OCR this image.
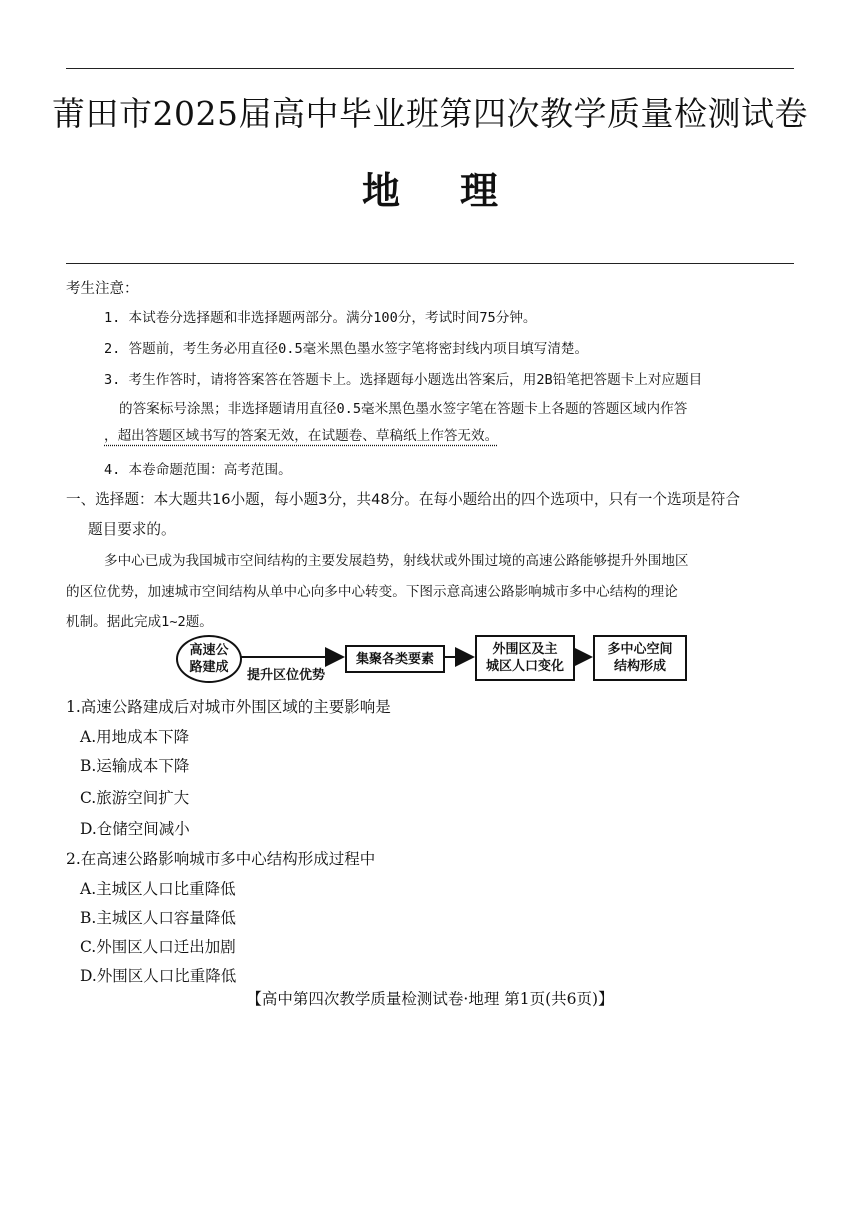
莆田市2025届高中毕业班第四次教学质量检测试卷
地 理
考生注意：
1. 本试卷分选择题和非选择题两部分。满分100分，考试时间75分钟。
2. 答题前，考生务必用直径0.5毫米黑色墨水签字笔将密封线内项目填写清楚。
3. 考生作答时，请将答案答在答题卡上。选择题每小题选出答案后，用2B铅笔把答题卡上对应题目
的答案标号涂黑；非选择题请用直径0.5毫米黑色墨水签字笔在答题卡上各题的答题区域内作答
，超出答题区域书写的答案无效，在试题卷、草稿纸上作答无效。
4. 本卷命题范围：高考范围。
一、选择题：本大题共16小题，每小题3分，共48分。在每小题给出的四个选项中，只有一个选项是符合
题目要求的。
多中心已成为我国城市空间结构的主要发展趋势，射线状或外围过境的高速公路能够提升外围地区
的区位优势，加速城市空间结构从单中心向多中心转变。下图示意高速公路影响城市多中心结构的理论
机制。据此完成1~2题。
高速公
路建成
提升区位优势
集聚各类要素
外围区及主
城区人口变化
多中心空间
结构形成
1.高速公路建成后对城市外围区域的主要影响是
A.用地成本下降
B.运输成本下降
C.旅游空间扩大
D.仓储空间减小
2.在高速公路影响城市多中心结构形成过程中
A.主城区人口比重降低
B.主城区人口容量降低
C.外围区人口迁出加剧
D.外围区人口比重降低
【高中第四次教学质量检测试卷·地理 第1页(共6页)】
